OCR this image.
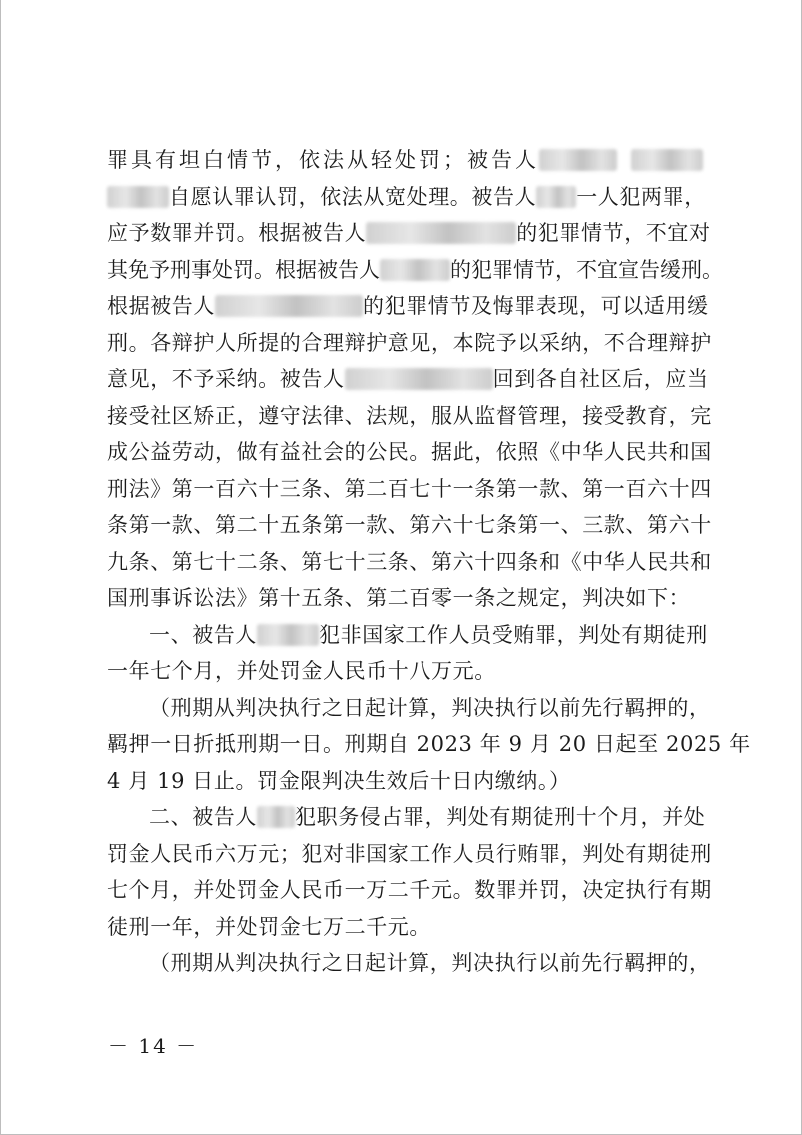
罪具有坦白情节，依法从轻处罚；被告人
自愿认罪认罚，依法从宽处理。被告人 一人犯两罪，
应予数罪并罚。根据被告人	的犯罪情节，不宜对
其免予刑事处罚。根据被告人	的犯罪情节，不宜宣告缓刑。
根据被告人	的犯罪情节及悔罪表现，可以适用缓
刑。各辩护人所提的合理辩护意见，本院予以采纳，不合理辩护
意见，不予采纳。被告人	回到各自社区后，应当
接受社区矫正，遵守法律、法规，服从监督管理，接受教育，完
成公益劳动，做有益社会的公民。据此，依照《中华人民共和国
刑法》第一百六十三条、第二百七十一条第一款、第一百六十四
条第一款、第二十五条第一款、第六十七条第一、三款、第六十
九条、第七十二条、第七十三条、第六十四条和《中华人民共和
国刑事诉讼法》第十五条、第二百零一条之规定，判决如下：
一、被告人	犯非国家工作人员受贿罪，判处有期徒刑
一年七个月，并处罚金人民币十八万元。
（刑期从判决执行之日起计算，判决执行以前先行羁押的，
羁押一日折抵刑期一日。刑期自 2023 年 9 月 20 日起至 2025 年
4 月 19 日止。罚金限判决生效后十日内缴纳。）
二、被告人 犯职务侵占罪，判处有期徒刑十个月，并处
罚金人民币六万元；犯对非国家工作人员行贿罪，判处有期徒刑
七个月，并处罚金人民币一万二千元。数罪并罚，决定执行有期
徒刑一年，并处罚金七万二千元。
（刑期从判决执行之日起计算，判决执行以前先行羁押的，
－ 14 －
